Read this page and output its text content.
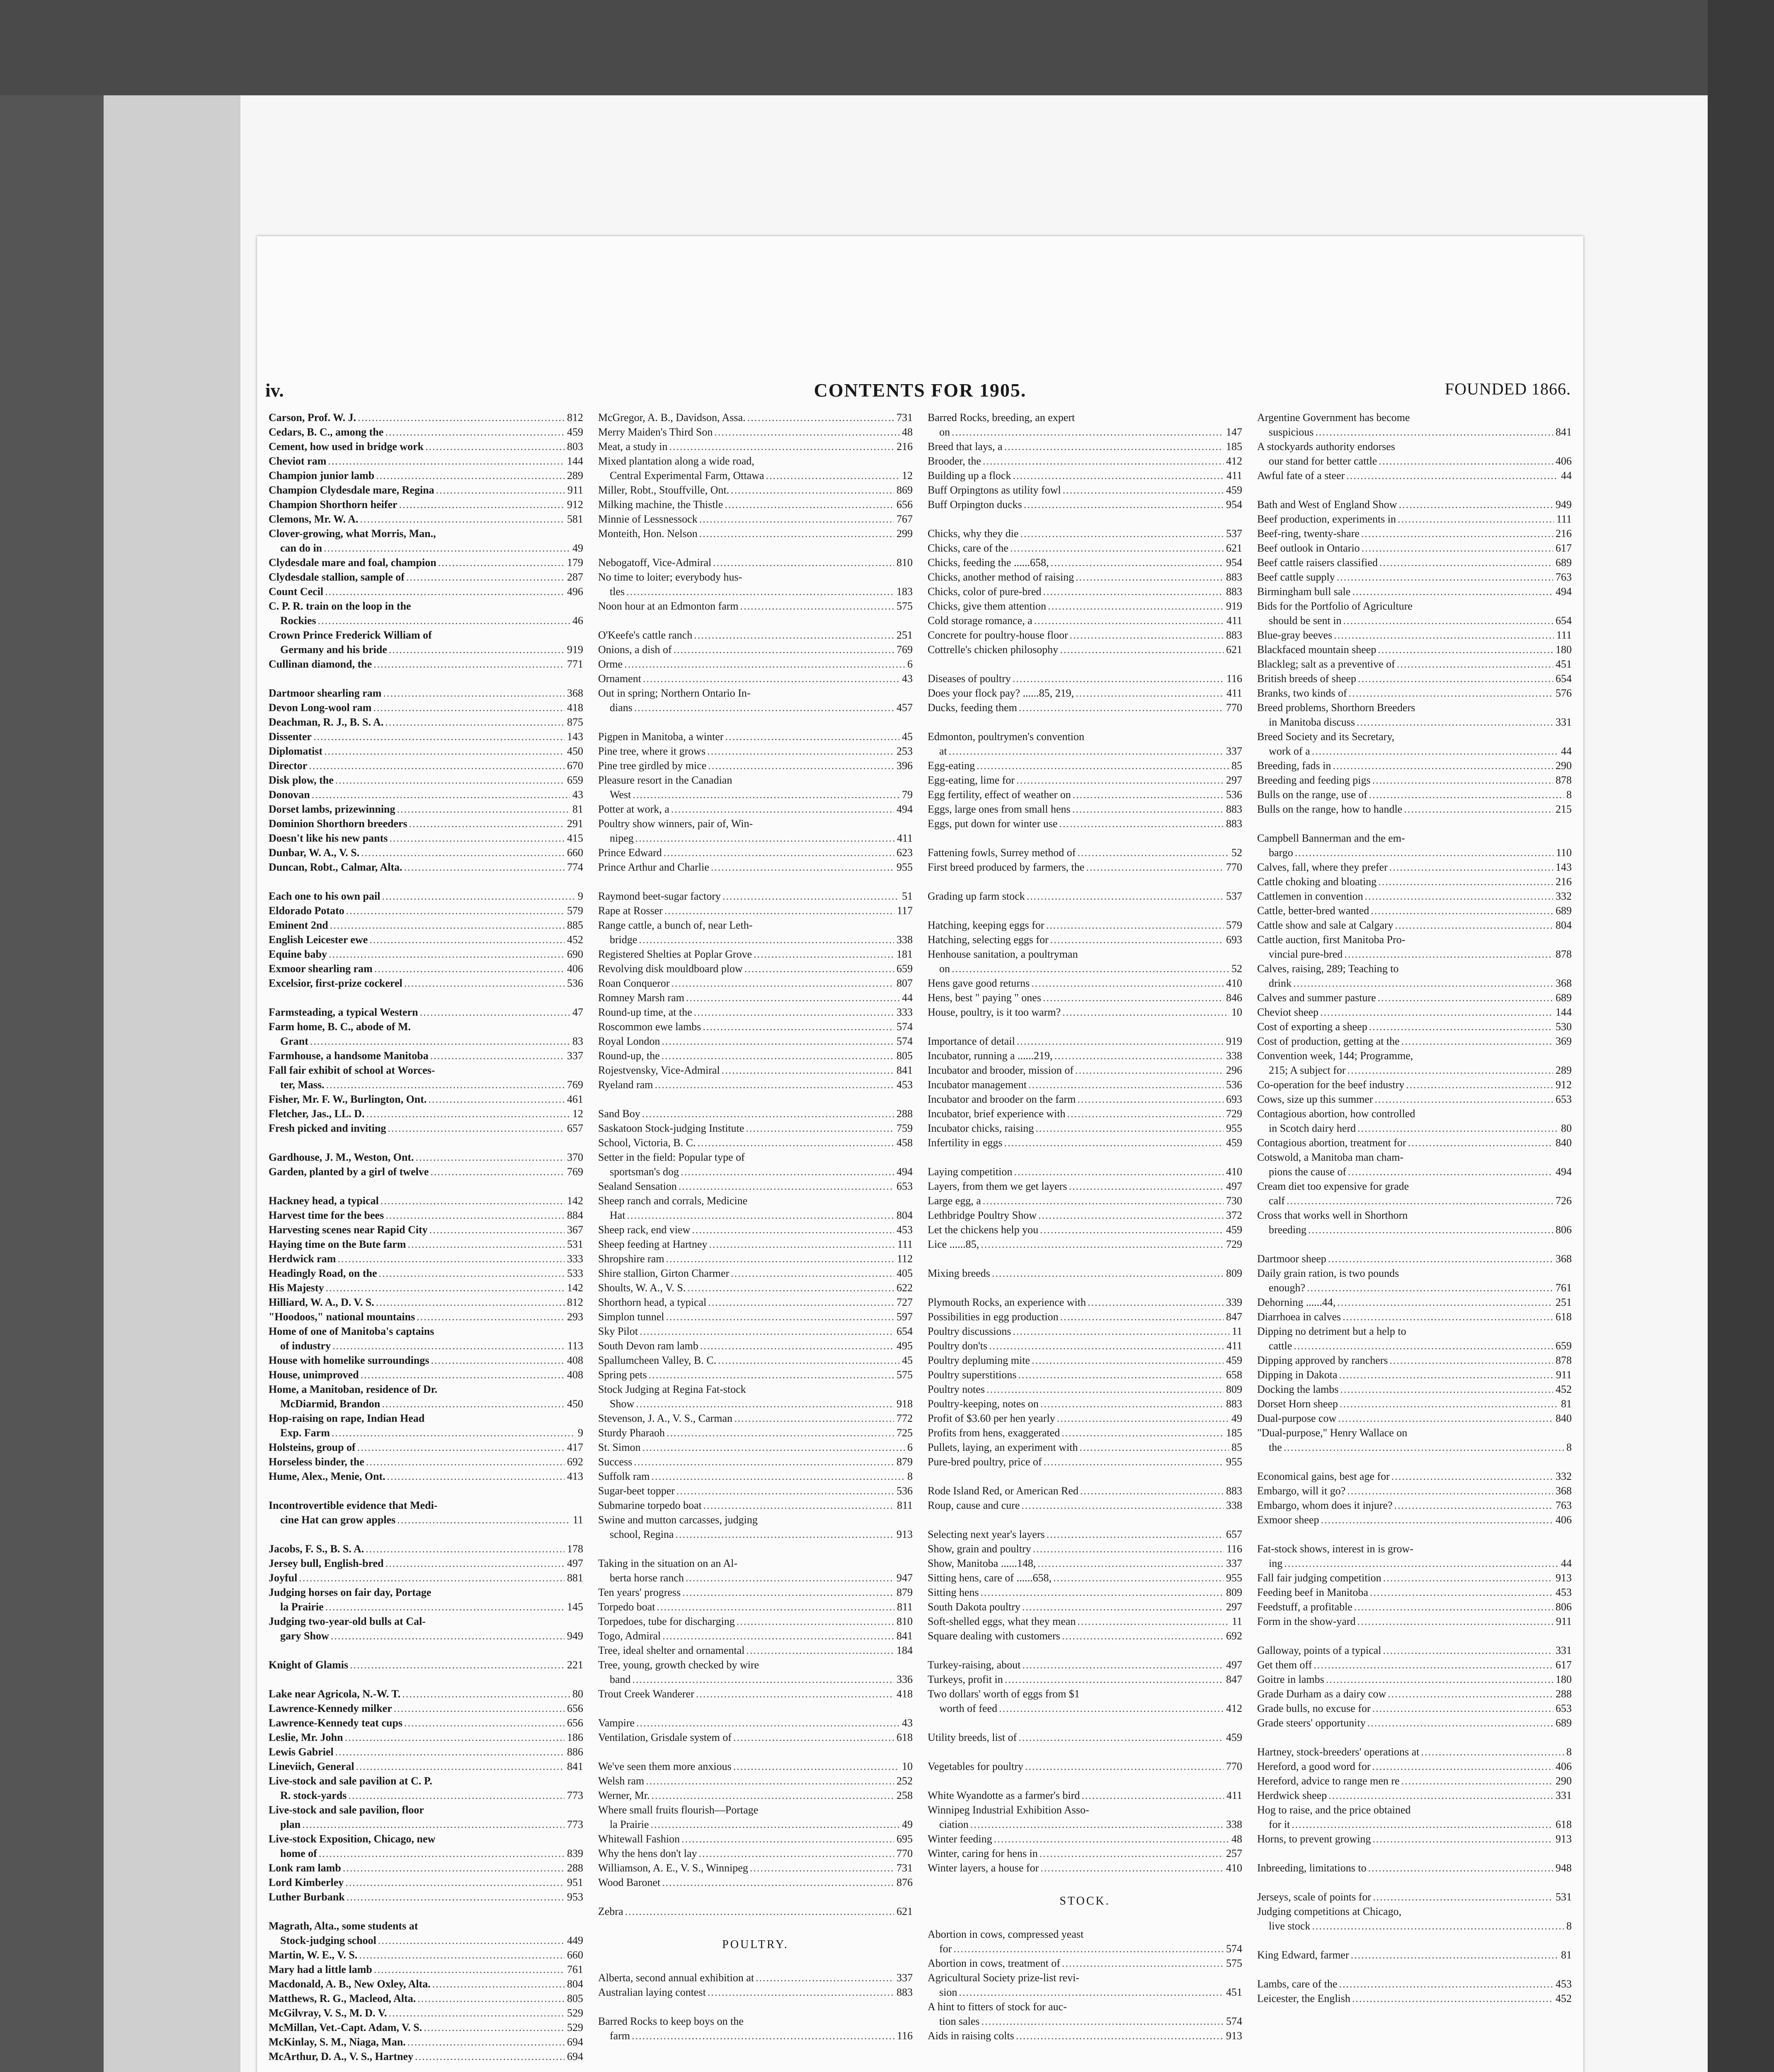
iv.	CONTENTS FOR 1905.	FOUNDED 1866.
Carson, Prof. W. J. .....	812
Cedars, B. C., among the .....	459
Cement, how used in bridge work .....	803
Cheviot ram .....	144
Champion junior lamb .....	289
Champion Clydesdale mare, Regina .....	911
Champion Shorthorn heifer .....	912
Clemons, Mr. W. A. .....	581
Clover-growing, what Morris, Man.,
can do in .....	49
Clydesdale mare and foal, champion .....	179
Clydesdale stallion, sample of .....	287
Count Cecil .....	496
C. P. R. train on the loop in the
Rockies .....	46
Crown Prince Frederick William of
Germany and his bride .....	919
Cullinan diamond, the .....	771
Dartmoor shearling ram .....	368
Devon Long-wool ram .....	418
Deachman, R. J., B. S. A. .....	875
Dissenter .....	143
Diplomatist .....	450
Director .....	670
Disk plow, the .....	659
Donovan .....	43
Dorset lambs, prizewinning .....	81
Dominion Shorthorn breeders .....	291
Doesn't like his new pants .....	415
Dunbar, W. A., V. S. .....	660
Duncan, Robt., Calmar, Alta. .....	774
Each one to his own pail .....	9
Eldorado Potato .....	579
Eminent 2nd .....	885
English Leicester ewe .....	452
Equine baby .....	690
Exmoor shearling ram .....	406
Excelsior, first-prize cockerel .....	536
Farmsteading, a typical Western .....	47
Farm home, B. C., abode of M.
Grant .....	83
Farmhouse, a handsome Manitoba .....	337
Fall fair exhibit of school at Worces-
ter, Mass. .....	769
Fisher, Mr. F. W., Burlington, Ont. .....	461
Fletcher, Jas., LL. D. .....	12
Fresh picked and inviting .....	657
Gardhouse, J. M., Weston, Ont. .....	370
Garden, planted by a girl of twelve .....	769
Hackney head, a typical .....	142
Harvest time for the bees .....	884
Harvesting scenes near Rapid City .....	367
Haying time on the Bute farm .....	531
Herdwick ram .....	333
Headingly Road, on the .....	533
His Majesty .....	142
Hilliard, W. A., D. V. S. .....	812
"Hoodoos," national mountains .....	293
Home of one of Manitoba's captains
of industry .....	113
House with homelike surroundings .....	408
House, unimproved .....	408
Home, a Manitoban, residence of Dr.
McDiarmid, Brandon .....	450
Hop-raising on rape, Indian Head
Exp. Farm .....	9
Holsteins, group of .....	417
Horseless binder, the .....	692
Hume, Alex., Menie, Ont. .....	413
Incontrovertible evidence that Medi-
cine Hat can grow apples .....	11
Jacobs, F. S., B. S. A. .....	178
Jersey bull, English-bred .....	497
Joyful .....	881
Judging horses on fair day, Portage
la Prairie .....	145
Judging two-year-old bulls at Cal-
gary Show .....	949
Knight of Glamis .....	221
Lake near Agricola, N.-W. T. .....	80
Lawrence-Kennedy milker .....	656
Lawrence-Kennedy teat cups .....	656
Leslie, Mr. John .....	186
Lewis Gabriel .....	886
Lineviich, General .....	841
Live-stock and sale pavilion at C. P.
R. stock-yards .....	773
Live-stock and sale pavilion, floor
plan .....	773
Live-stock Exposition, Chicago, new
home of .....	839
Lonk ram lamb .....	288
Lord Kimberley .....	951
Luther Burbank .....	953
Magrath, Alta., some students at
Stock-judging school .....	449
Martin, W. E., V. S. .....	660
Mary had a little lamb .....	761
Macdonald, A. B., New Oxley, Alta. .....	804
Matthews, R. G., Macleod, Alta. .....	805
McGilvray, V. S., M. D. V. .....	529
McMillan, Vet.-Capt. Adam, V. S. .....	529
McKinlay, S. M., Niaga, Man. .....	694
McArthur, D. A., V. S., Hartney .....	694
McGregor, A. B., Davidson, Assa. .....	731
Merry Maiden's Third Son .....	48
Meat, a study in .....	216
Mixed plantation along a wide road,
Central Experimental Farm, Ottawa .....	12
Miller, Robt., Stouffville, Ont. .....	869
Milking machine, the Thistle .....	656
Minnie of Lessnessock .....	767
Monteith, Hon. Nelson .....	299
Nebogatoff, Vice-Admiral .....	810
No time to loiter; everybody hus-
tles .....	183
Noon hour at an Edmonton farm .....	575
O'Keefe's cattle ranch .....	251
Onions, a dish of .....	769
Orme .....	6
Ornament .....	43
Out in spring; Northern Ontario In-
dians .....	457
Pigpen in Manitoba, a winter .....	45
Pine tree, where it grows .....	253
Pine tree girdled by mice .....	396
Pleasure resort in the Canadian
West .....	79
Potter at work, a .....	494
Poultry show winners, pair of, Win-
nipeg .....	411
Prince Edward .....	623
Prince Arthur and Charlie .....	955
Raymond beet-sugar factory .....	51
Rape at Rosser .....	117
Range cattle, a bunch of, near Leth-
bridge .....	338
Registered Shelties at Poplar Grove .....	181
Revolving disk mouldboard plow .....	659
Roan Conqueror .....	807
Romney Marsh ram .....	44
Round-up time, at the .....	333
Roscommon ewe lambs .....	574
Royal London .....	574
Round-up, the .....	805
Rojestvensky, Vice-Admiral .....	841
Ryeland ram .....	453
Sand Boy .....	288
Saskatoon Stock-judging Institute .....	759
School, Victoria, B. C. .....	458
Setter in the field: Popular type of
sportsman's dog .....	494
Sealand Sensation .....	653
Sheep ranch and corrals, Medicine
Hat .....	804
Sheep rack, end view .....	453
Sheep feeding at Hartney .....	111
Shropshire ram .....	112
Shire stallion, Girton Charmer .....	405
Shoults, W. A., V. S. .....	622
Shorthorn head, a typical .....	727
Simplon tunnel .....	597
Sky Pilot .....	654
South Devon ram lamb .....	495
Spallumcheen Valley, B. C. .....	45
Spring pets .....	575
Stock Judging at Regina Fat-stock
Show .....	918
Stevenson, J. A., V. S., Carman .....	772
Sturdy Pharaoh .....	725
St. Simon .....	6
Success .....	879
Suffolk ram .....	8
Sugar-beet topper .....	536
Submarine torpedo boat .....	811
Swine and mutton carcasses, judging
school, Regina .....	913
Taking in the situation on an Al-
berta horse ranch .....	947
Ten years' progress .....	879
Torpedo boat .....	811
Torpedoes, tube for discharging .....	810
Togo, Admiral .....	841
Tree, ideal shelter and ornamental .....	184
Tree, young, growth checked by wire
band .....	336
Trout Creek Wanderer .....	418
Vampire .....	43
Ventilation, Grisdale system of .....	618
We've seen them more anxious .....	10
Welsh ram .....	252
Werner, Mr. .....	258
Where small fruits flourish—Portage
la Prairie .....	49
Whitewall Fashion .....	695
Why the hens don't lay .....	770
Williamson, A. E., V. S., Winnipeg .....	731
Wood Baronet .....	876
Zebra .....	621
POULTRY.
Alberta, second annual exhibition at .....	337
Australian laying contest .....	883
Barred Rocks to keep boys on the
farm .....	116
Barred Rocks, breeding, an expert
on .....	147
Breed that lays, a .....	185
Brooder, the .....	412
Building up a flock .....	411
Buff Orpingtons as utility fowl .....	459
Buff Orpington ducks .....	954
Chicks, why they die .....	537
Chicks, care of the .....	621
Chicks, feeding the ......658, .....	954
Chicks, another method of raising .....	883
Chicks, color of pure-bred .....	883
Chicks, give them attention .....	919
Cold storage romance, a .....	411
Concrete for poultry-house floor .....	883
Cottrelle's chicken philosophy .....	621
Diseases of poultry .....	116
Does your flock pay? ......85, 219, .....	411
Ducks, feeding them .....	770
Edmonton, poultrymen's convention
at .....	337
Egg-eating .....	85
Egg-eating, lime for .....	297
Egg fertility, effect of weather on .....	536
Eggs, large ones from small hens .....	883
Eggs, put down for winter use .....	883
Fattening fowls, Surrey method of .....	52
First breed produced by farmers, the .....	770
Grading up farm stock .....	537
Hatching, keeping eggs for .....	579
Hatching, selecting eggs for .....	693
Henhouse sanitation, a poultryman
on .....	52
Hens gave good returns .....	410
Hens, best " paying " ones .....	846
House, poultry, is it too warm? .....	10
Importance of detail .....	919
Incubator, running a ......219, .....	338
Incubator and brooder, mission of .....	296
Incubator management .....	536
Incubator and brooder on the farm .....	693
Incubator, brief experience with .....	729
Incubator chicks, raising .....	955
Infertility in eggs .....	459
Laying competition .....	410
Layers, from them we get layers .....	497
Large egg, a .....	730
Lethbridge Poultry Show .....	372
Let the chickens help you .....	459
Lice ......85, .....	729
Mixing breeds .....	809
Plymouth Rocks, an experience with .....	339
Possibilities in egg production .....	847
Poultry discussions .....	11
Poultry don'ts .....	411
Poultry depluming mite .....	459
Poultry superstitions .....	658
Poultry notes .....	809
Poultry-keeping, notes on .....	883
Profit of $3.60 per hen yearly .....	49
Profits from hens, exaggerated .....	185
Pullets, laying, an experiment with .....	85
Pure-bred poultry, price of .....	955
Rode Island Red, or American Red .....	883
Roup, cause and cure .....	338
Selecting next year's layers .....	657
Show, grain and poultry .....	116
Show, Manitoba ......148, .....	337
Sitting hens, care of ......658, .....	955
Sitting hens .....	809
South Dakota poultry .....	297
Soft-shelled eggs, what they mean .....	11
Square dealing with customers .....	692
Turkey-raising, about .....	497
Turkeys, profit in .....	847
Two dollars' worth of eggs from $1
worth of feed .....	412
Utility breeds, list of .....	459
Vegetables for poultry .....	770
White Wyandotte as a farmer's bird .....	411
Winnipeg Industrial Exhibition Asso-
ciation .....	338
Winter feeding .....	48
Winter, caring for hens in .....	257
Winter layers, a house for .....	410
STOCK.
Abortion in cows, compressed yeast
for .....	574
Abortion in cows, treatment of .....	575
Agricultural Society prize-list revi-
sion .....	451
A hint to fitters of stock for auc-
tion sales .....	574
Aids in raising colts .....	913
Argentine Government has become
suspicious .....	841
A stockyards authority endorses
our stand for better cattle .....	406
Awful fate of a steer .....	44
Bath and West of England Show .....	949
Beef production, experiments in .....	111
Beef-ring, twenty-share .....	216
Beef outlook in Ontario .....	617
Beef cattle raisers classified .....	689
Beef cattle supply .....	763
Birmingham bull sale .....	494
Bids for the Portfolio of Agriculture
should be sent in .....	654
Blue-gray beeves .....	111
Blackfaced mountain sheep .....	180
Blackleg; salt as a preventive of .....	451
British breeds of sheep .....	654
Branks, two kinds of .....	576
Breed problems, Shorthorn Breeders
in Manitoba discuss .....	331
Breed Society and its Secretary,
work of a .....	44
Breeding, fads in .....	290
Breeding and feeding pigs .....	878
Bulls on the range, use of .....	8
Bulls on the range, how to handle .....	215
Campbell Bannerman and the em-
bargo .....	110
Calves, fall, where they prefer .....	143
Cattle choking and bloating .....	216
Cattlemen in convention .....	332
Cattle, better-bred wanted .....	689
Cattle show and sale at Calgary .....	804
Cattle auction, first Manitoba Pro-
vincial pure-bred .....	878
Calves, raising, 289; Teaching to
drink .....	368
Calves and summer pasture .....	689
Cheviot sheep .....	144
Cost of exporting a sheep .....	530
Cost of production, getting at the .....	369
Convention week, 144; Programme,
215; A subject for .....	289
Co-operation for the beef industry .....	912
Cows, size up this summer .....	653
Contagious abortion, how controlled
in Scotch dairy herd .....	80
Contagious abortion, treatment for .....	840
Cotswold, a Manitoba man cham-
pions the cause of .....	494
Cream diet too expensive for grade
calf .....	726
Cross that works well in Shorthorn
breeding .....	806
Dartmoor sheep .....	368
Daily grain ration, is two pounds
enough? .....	761
Dehorning ......44, .....	251
Diarrhoea in calves .....	618
Dipping no detriment but a help to
cattle .....	659
Dipping approved by ranchers .....	878
Dipping in Dakota .....	911
Docking the lambs .....	452
Dorset Horn sheep .....	81
Dual-purpose cow .....	840
"Dual-purpose," Henry Wallace on
the .....	8
Economical gains, best age for .....	332
Embargo, will it go? .....	368
Embargo, whom does it injure? .....	763
Exmoor sheep .....	406
Fat-stock shows, interest in is grow-
ing .....	44
Fall fair judging competition .....	913
Feeding beef in Manitoba .....	453
Feedstuff, a profitable .....	806
Form in the show-yard .....	911
Galloway, points of a typical .....	331
Get them off .....	617
Goitre in lambs .....	180
Grade Durham as a dairy cow .....	288
Grade bulls, no excuse for .....	653
Grade steers' opportunity .....	689
Hartney, stock-breeders' operations at .....	8
Hereford, a good word for .....	406
Hereford, advice to range men re .....	290
Herdwick sheep .....	331
Hog to raise, and the price obtained
for it .....	618
Horns, to prevent growing .....	913
Inbreeding, limitations to .....	948
Jerseys, scale of points for .....	531
Judging competitions at Chicago,
live stock .....	8
King Edward, farmer .....	81
Lambs, care of the .....	453
Leicester, the English .....	452
